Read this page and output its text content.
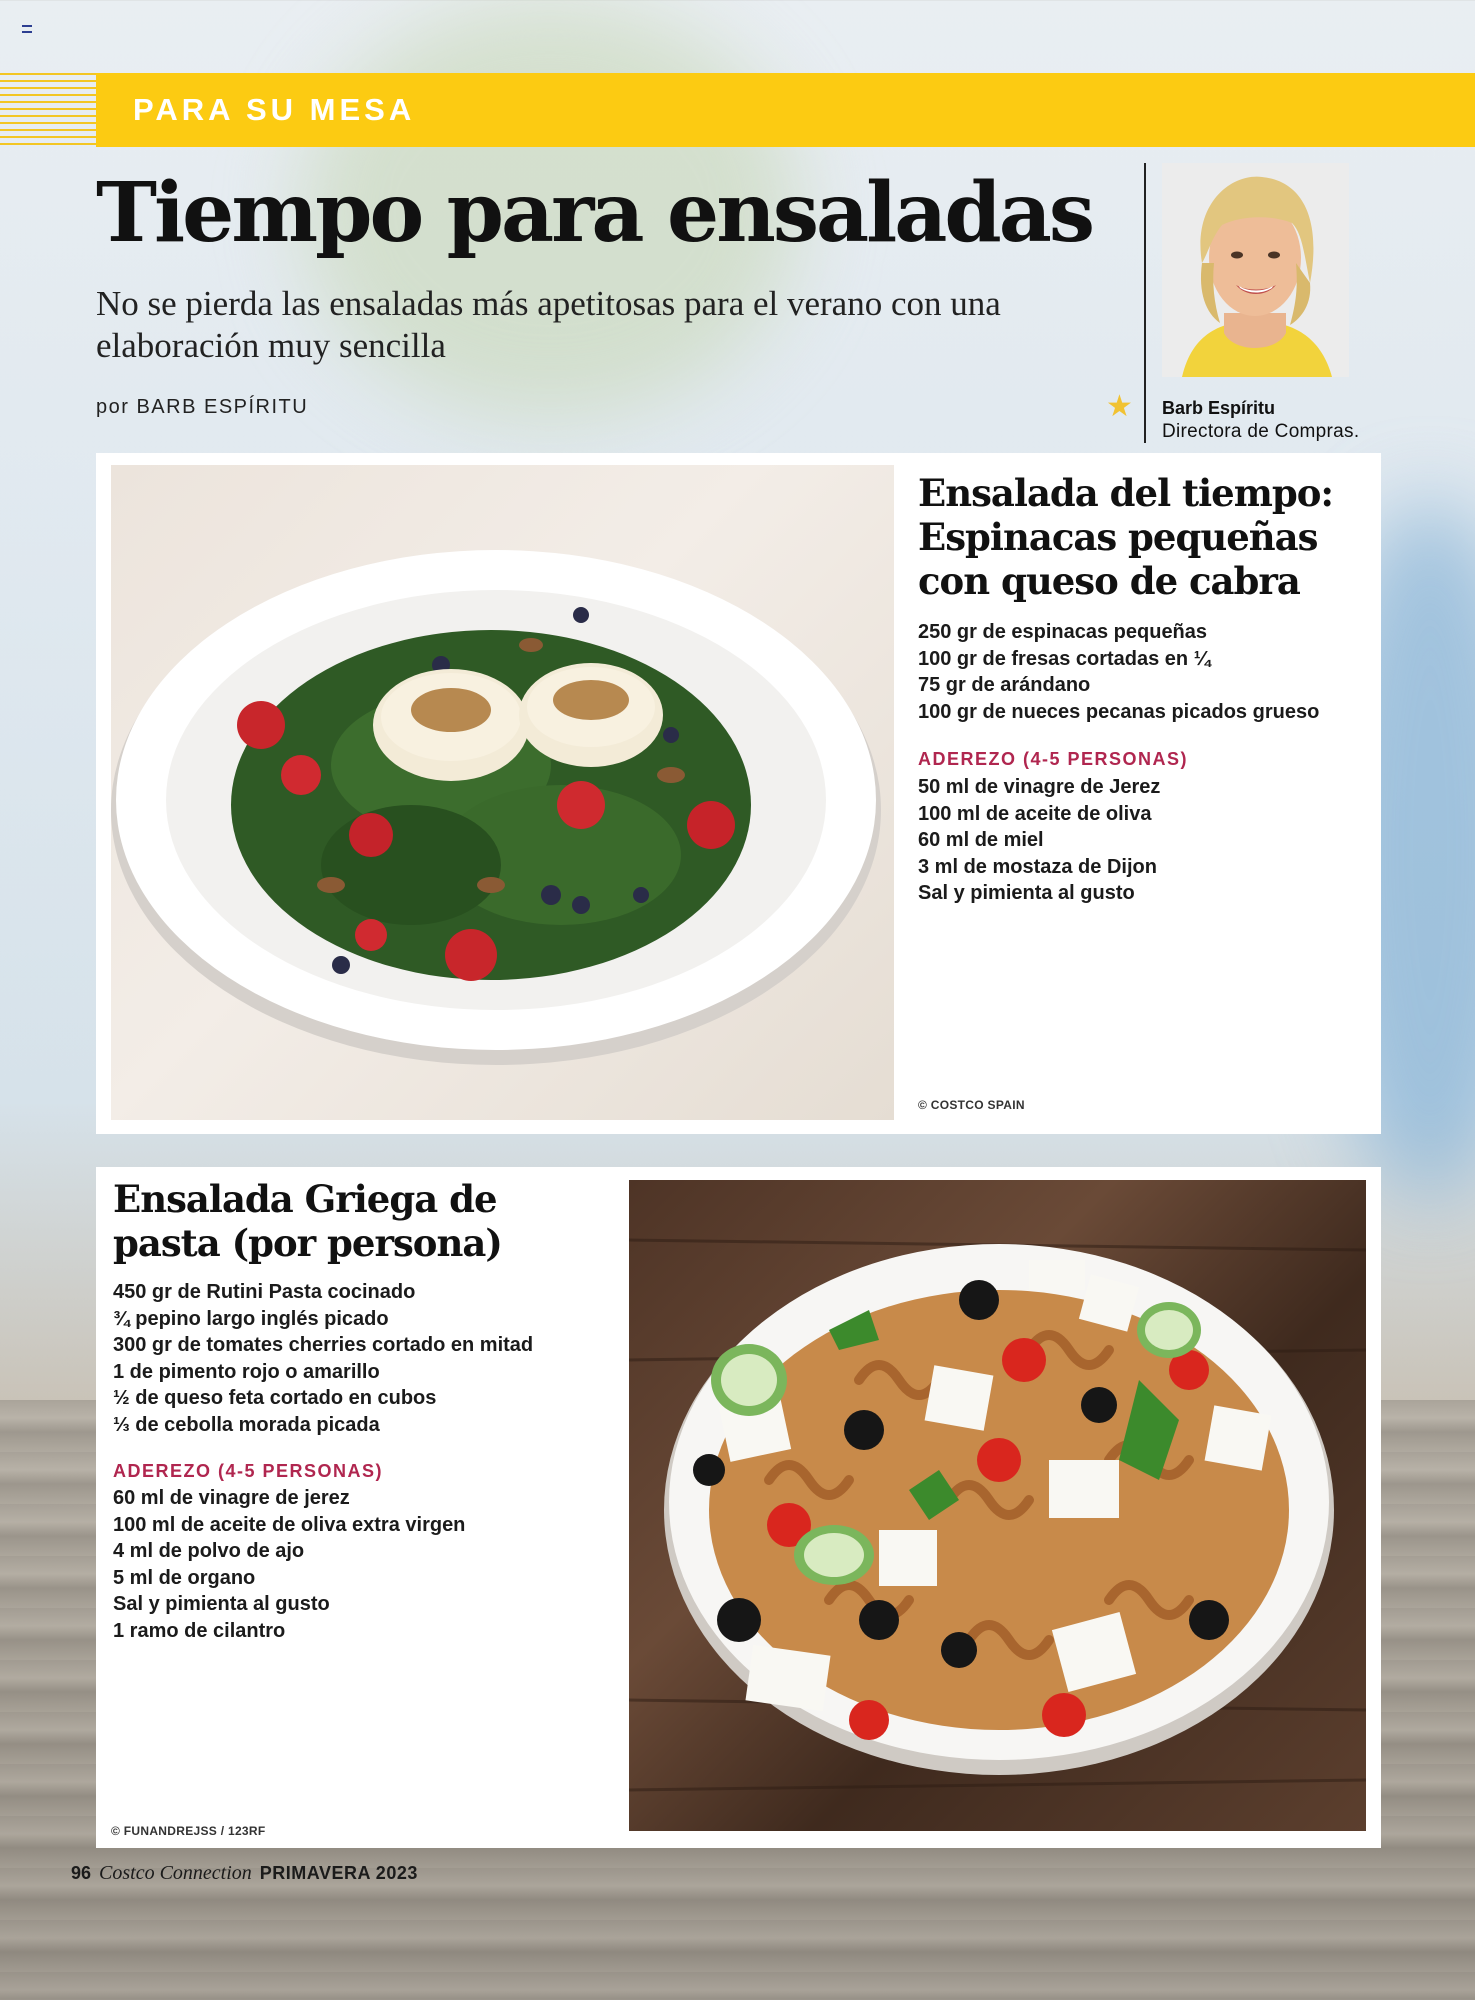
PARA SU MESA
Tiempo para ensaladas

No se pierda las ensaladas más apetitosas para el verano con una elaboración muy sencilla

por BARB ESPÍRITU	★ Barb Espíritu
Directora de Compras.
Ensalada del tiempo: Espinacas pequeñas con queso de cabra
250 gr de espinacas pequeñas
100 gr de fresas cortadas en ¼
75 gr de arándano
100 gr de nueces pecanas picados grueso
ADEREZO (4-5 PERSONAS)
50 ml de vinagre de Jerez
100 ml de aceite de oliva
60 ml de miel
3 ml de mostaza de Dijon
Sal y pimienta al gusto
© COSTCO SPAIN
Ensalada Griega de pasta (por persona)
450 gr de Rutini Pasta cocinado
¾ pepino largo inglés picado
300 gr de tomates cherries cortado en mitad
1 de pimento rojo o amarillo
½ de queso feta cortado en cubos
⅓ de cebolla morada picada
ADEREZO (4-5 PERSONAS)
60 ml de vinagre de jerez
100 ml de aceite de oliva extra virgen
4 ml de polvo de ajo
5 ml de organo
Sal y pimienta al gusto
1 ramo de cilantro
© FUNANDREJSS / 123RF
96 Costco Connection PRIMAVERA 2023
